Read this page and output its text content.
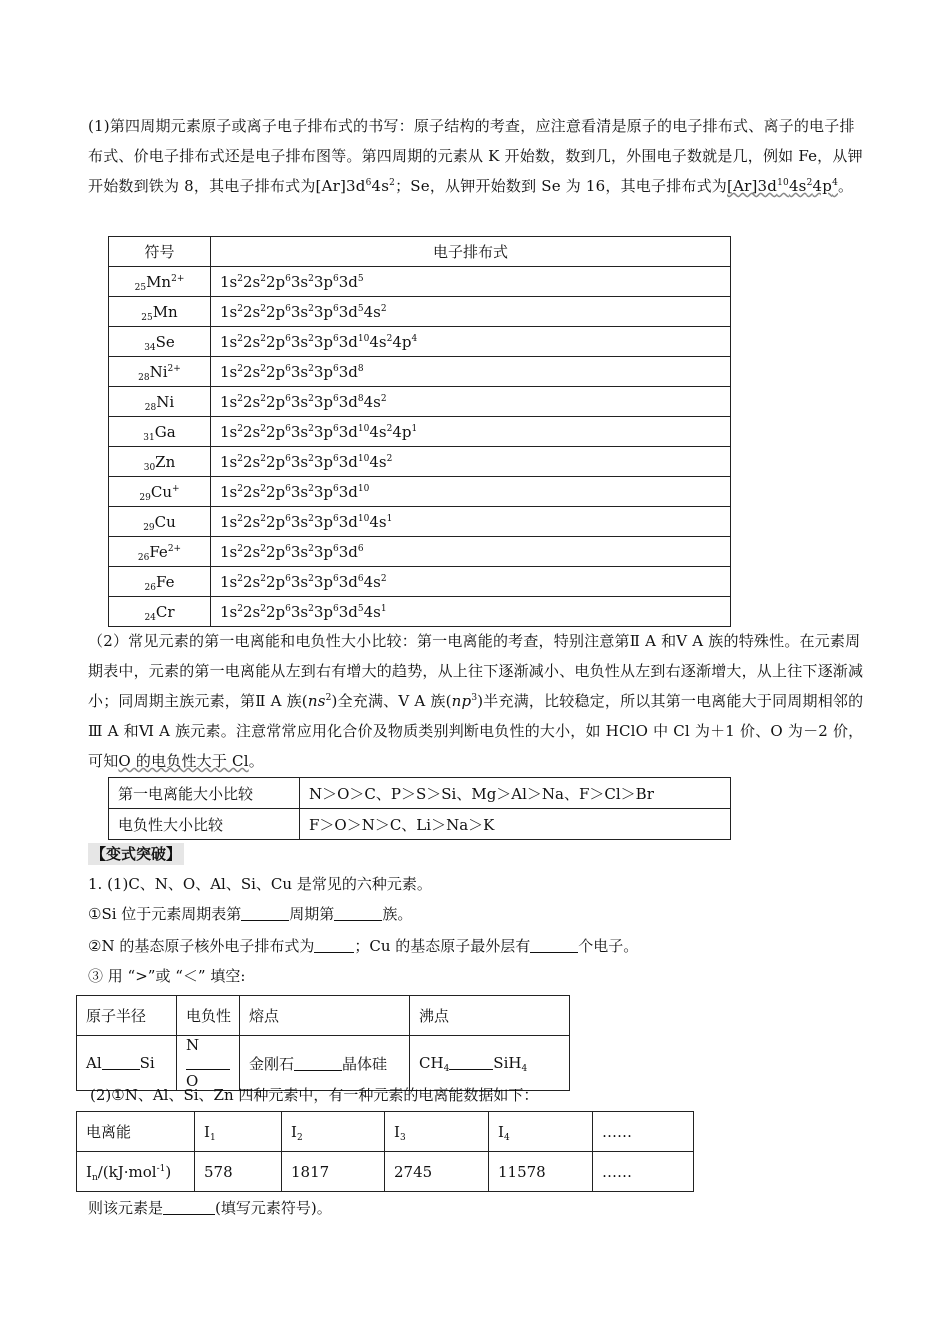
(1)第四周期元素原子或离子电子排布式的书写：原子结构的考查，应注意看清是原子的电子排布式、离子的电子排布式、价电子排布式还是电子排布图等。第四周期的元素从 K 开始数，数到几，外围电子数就是几，例如 Fe，从钾开始数到铁为 8，其电子排布式为$[Ar]3d^64s^2$；Se，从钾开始数到 Se 为 16，其电子排布式为$[Ar]3d^{10}4s^24p^4$。
符号	电子排布式
$_{25}Mn^{2+}$	$1s^22s^22p^63s^23p^63d^5$
$_{25}$Mn	$1s^22s^22p^63s^23p^63d^54s^2$
$_{34}$Se	$1s^22s^22p^63s^23p^63d^{10}4s^24p^4$
$_{28}Ni^{2+}$	$1s^22s^22p^63s^23p^63d^8$
$_{28}$Ni	$1s^22s^22p^63s^23p^63d^84s^2$
$_{31}$Ga	$1s^22s^22p^63s^23p^63d^{10}4s^24p^1$
$_{30}$Zn	$1s^22s^22p^63s^23p^63d^{10}4s^2$
$_{29}$Cu+	$1s^22s^22p^63s^23p^63d^{10}$
$_{29}$Cu	$1s^22s^22p^63s^23p^63d^{10}4s^1$
$_{26}Fe^{2+}$	$1s^22s^22p^63s^23p^63d^6$
$_{26}$Fe	$1s^22s^22p^63s^23p^63d^64s^2$
$_{24}$Cr	$1s^22s^22p^63s^23p^63d^54s^1$
（2）常见元素的第一电离能和电负性大小比较：第一电离能的考查，特别注意第Ⅱ A 和Ⅴ A 族的特殊性。在元素周期表中，元素的第一电离能从左到右有增大的趋势，从上往下逐渐减小、电负性从左到右逐渐增大，从上往下逐渐减小；同周期主族元素，第Ⅱ A 族$(ns^2)$全充满、Ⅴ A 族$(np^3)$半充满，比较稳定，所以其第一电离能大于同周期相邻的Ⅲ A 和Ⅵ A 族元素。注意常常应用化合价及物质类别判断电负性的大小，如 HClO 中 Cl 为＋1 价、O 为－2 价，可知O 的电负性大于 Cl。
第一电离能大小比较	N＞O＞C、P＞S＞Si、Mg＞Al＞Na、F＞Cl＞Br
电负性大小比较	F＞O＞N＞C、Li＞Na＞K
【变式突破】
1. (1)C、N、O、Al、Si、Cu 是常见的六种元素。
①Si 位于元素周期表第	周期第	族。
②N 的基态原子核外电子排布式为	；Cu 的基态原子最外层有	个电子。
③ 用 “>”或 “＜” 填空:
原子半径	电负性	熔点	沸点
Al Si	NO	金刚石 晶体硅	$CH_4$ SiH$_4$
(2)①N、Al、Si、Zn 四种元素中，有一种元素的电离能数据如下：
电离能	$I_1$	$I_2$	$I_3$	$I_4$	……
$I_n/(kJ\cdot mol^{-1})$	578	1817	2745	11578	……
则该元素是	(填写元素符号)。
